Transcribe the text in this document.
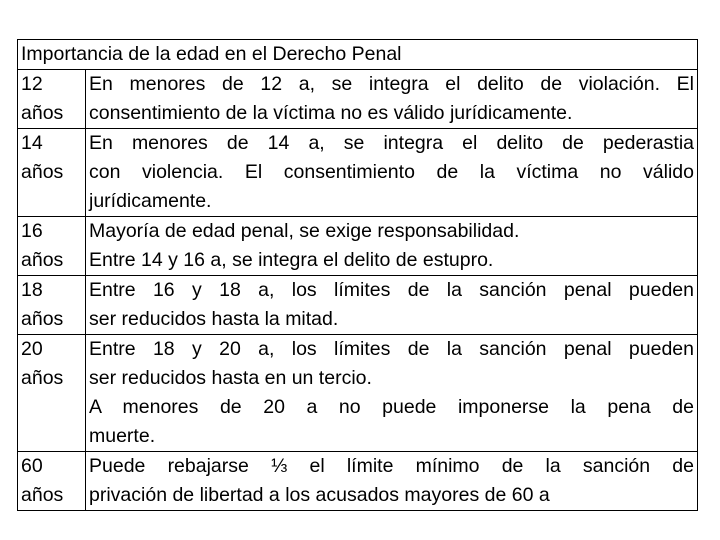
Importancia de la edad en el Derecho Penal	

12
años	En menores de 12 a, se integra el delito de violación. El
consentimiento de la víctima no es válido jurídicamente.

14
años	En menores de 14 a, se integra el delito de pederastia
con violencia. El consentimiento de la víctima no válido
jurídicamente.

16
años	Mayoría de edad penal, se exige responsabilidad.
Entre 14 y 16 a, se integra el delito de estupro.

18
años	Entre 16 y 18 a, los límites de la sanción penal pueden
ser reducidos hasta la mitad.

20
años	Entre 18 y 20 a, los límites de la sanción penal pueden
ser reducidos hasta en un tercio.
A menores de 20 a no puede imponerse la pena de
muerte.

60
años	Puede rebajarse ⅓ el límite mínimo de la sanción de
privación de libertad a los acusados mayores de 60 a
